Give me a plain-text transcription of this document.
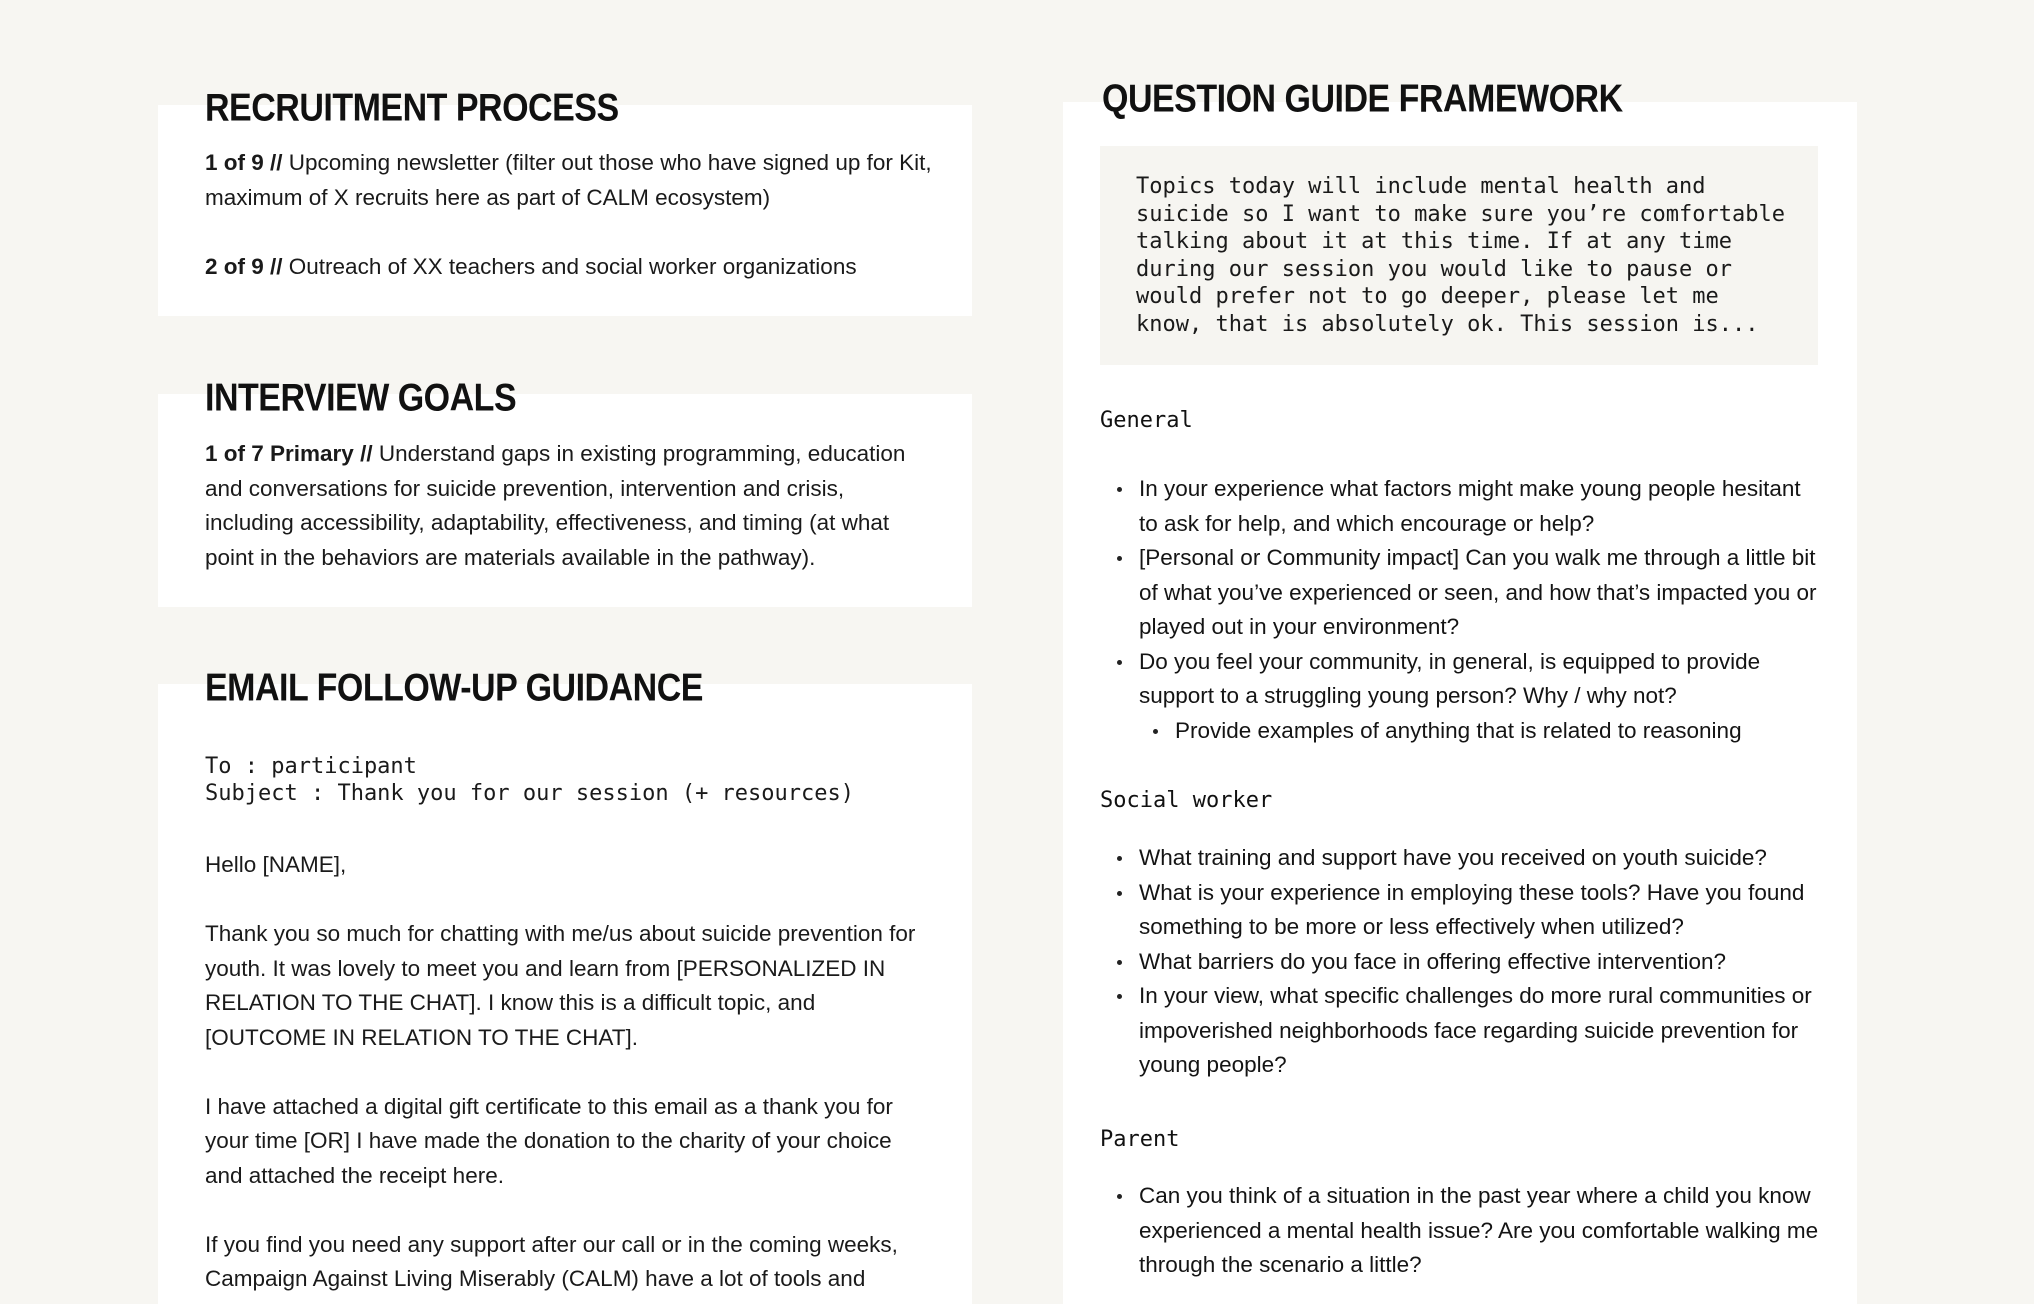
RECRUITMENT PROCESS

1 of 9 // Upcoming newsletter (filter out those who have signed up for Kit, maximum of X recruits here as part of CALM ecosystem)

2 of 9 // Outreach of XX teachers and social worker organizations

INTERVIEW GOALS

1 of 7 Primary // Understand gaps in existing programming, education and conversations for suicide prevention, intervention and crisis, including accessibility, adaptability, effectiveness, and timing (at what point in the behaviors are materials available in the pathway).

EMAIL FOLLOW-UP GUIDANCE

To : participant

Subject : Thank you for our session (+ resources)

Hello [NAME],

Thank you so much for chatting with me/us about suicide prevention for youth. It was lovely to meet you and learn from [PERSONALIZED IN RELATION TO THE CHAT]. I know this is a difficult topic, and [OUTCOME IN RELATION TO THE CHAT].

I have attached a digital gift certificate to this email as a thank you for your time [OR] I have made the donation to the charity of your choice and attached the receipt here.

If you find you need any support after our call or in the coming weeks, Campaign Against Living Miserably (CALM) have a lot of tools and

QUESTION GUIDE FRAMEWORK

Topics today will include mental health and
suicide so I want to make sure you’re comfortable
talking about it at this time. If at any time
during our session you would like to pause or
would prefer not to go deeper, please let me
know, that is absolutely ok. This session is...

General

In your experience what factors might make young people hesitant to ask for help, and which encourage or help?
[Personal or Community impact] Can you walk me through a little bit of what you’ve experienced or seen, and how that’s impacted you or played out in your environment?
Do you feel your community, in general, is equipped to provide support to a struggling young person? Why / why not?
Provide examples of anything that is related to reasoning

Social worker

What training and support have you received on youth suicide?
What is your experience in employing these tools? Have you found something to be more or less effectively when utilized?
What barriers do you face in offering effective intervention?
In your view, what specific challenges do more rural communities or impoverished neighborhoods face regarding suicide prevention for young people?

Parent

Can you think of a situation in the past year where a child you know experienced a mental health issue? Are you comfortable walking me through the scenario a little?
